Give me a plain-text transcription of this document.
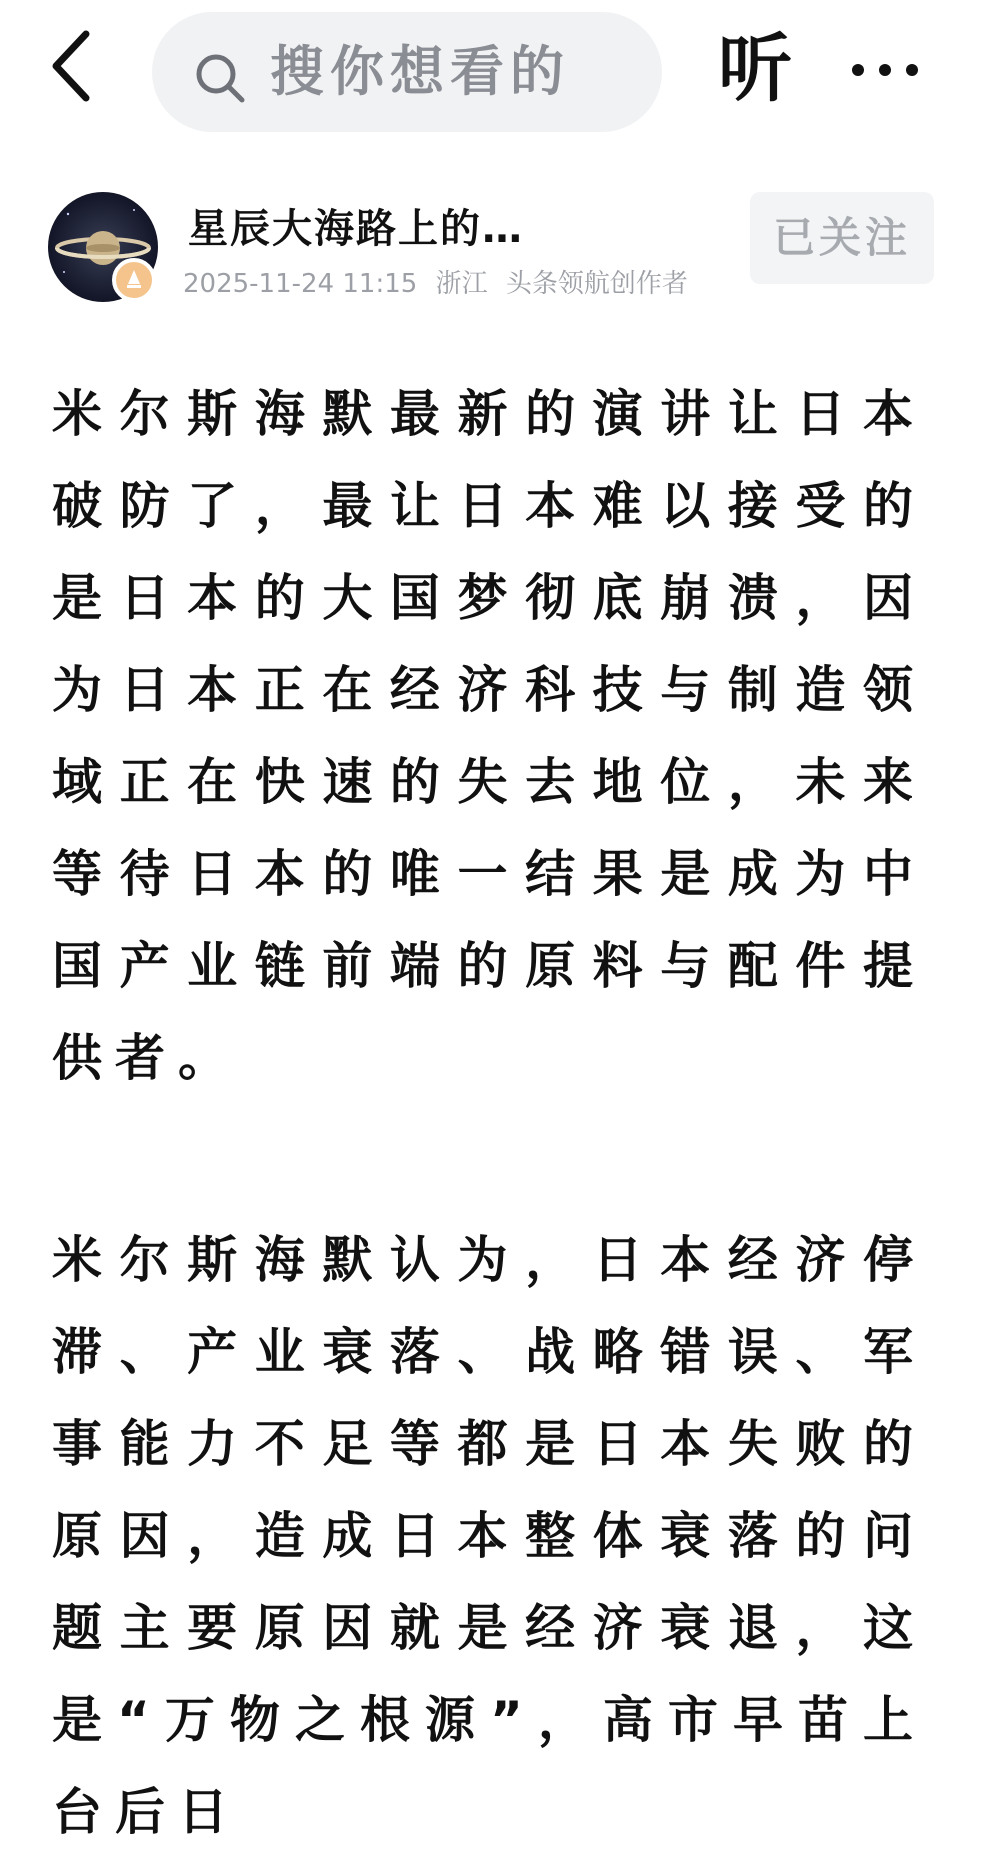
搜你想看的 听
星辰大海路上的…
2025-11-24 11:15 浙江 头条领航创作者
已关注

米尔斯海默最新的演讲让日本破防了，最让日本难以接受的是日本的大国梦彻底崩溃，因为日本正在经济科技与制造领域正在快速的失去地位，未来等待日本的唯一结果是成为中国产业链前端的原料与配件提供者。

米尔斯海默认为，日本经济停滞、产业衰落、战略错误、军事能力不足等都是日本失败的原因，造成日本整体衰落的问题主要原因就是经济衰退，这是“万物之根源”，高市早苗上台后日
